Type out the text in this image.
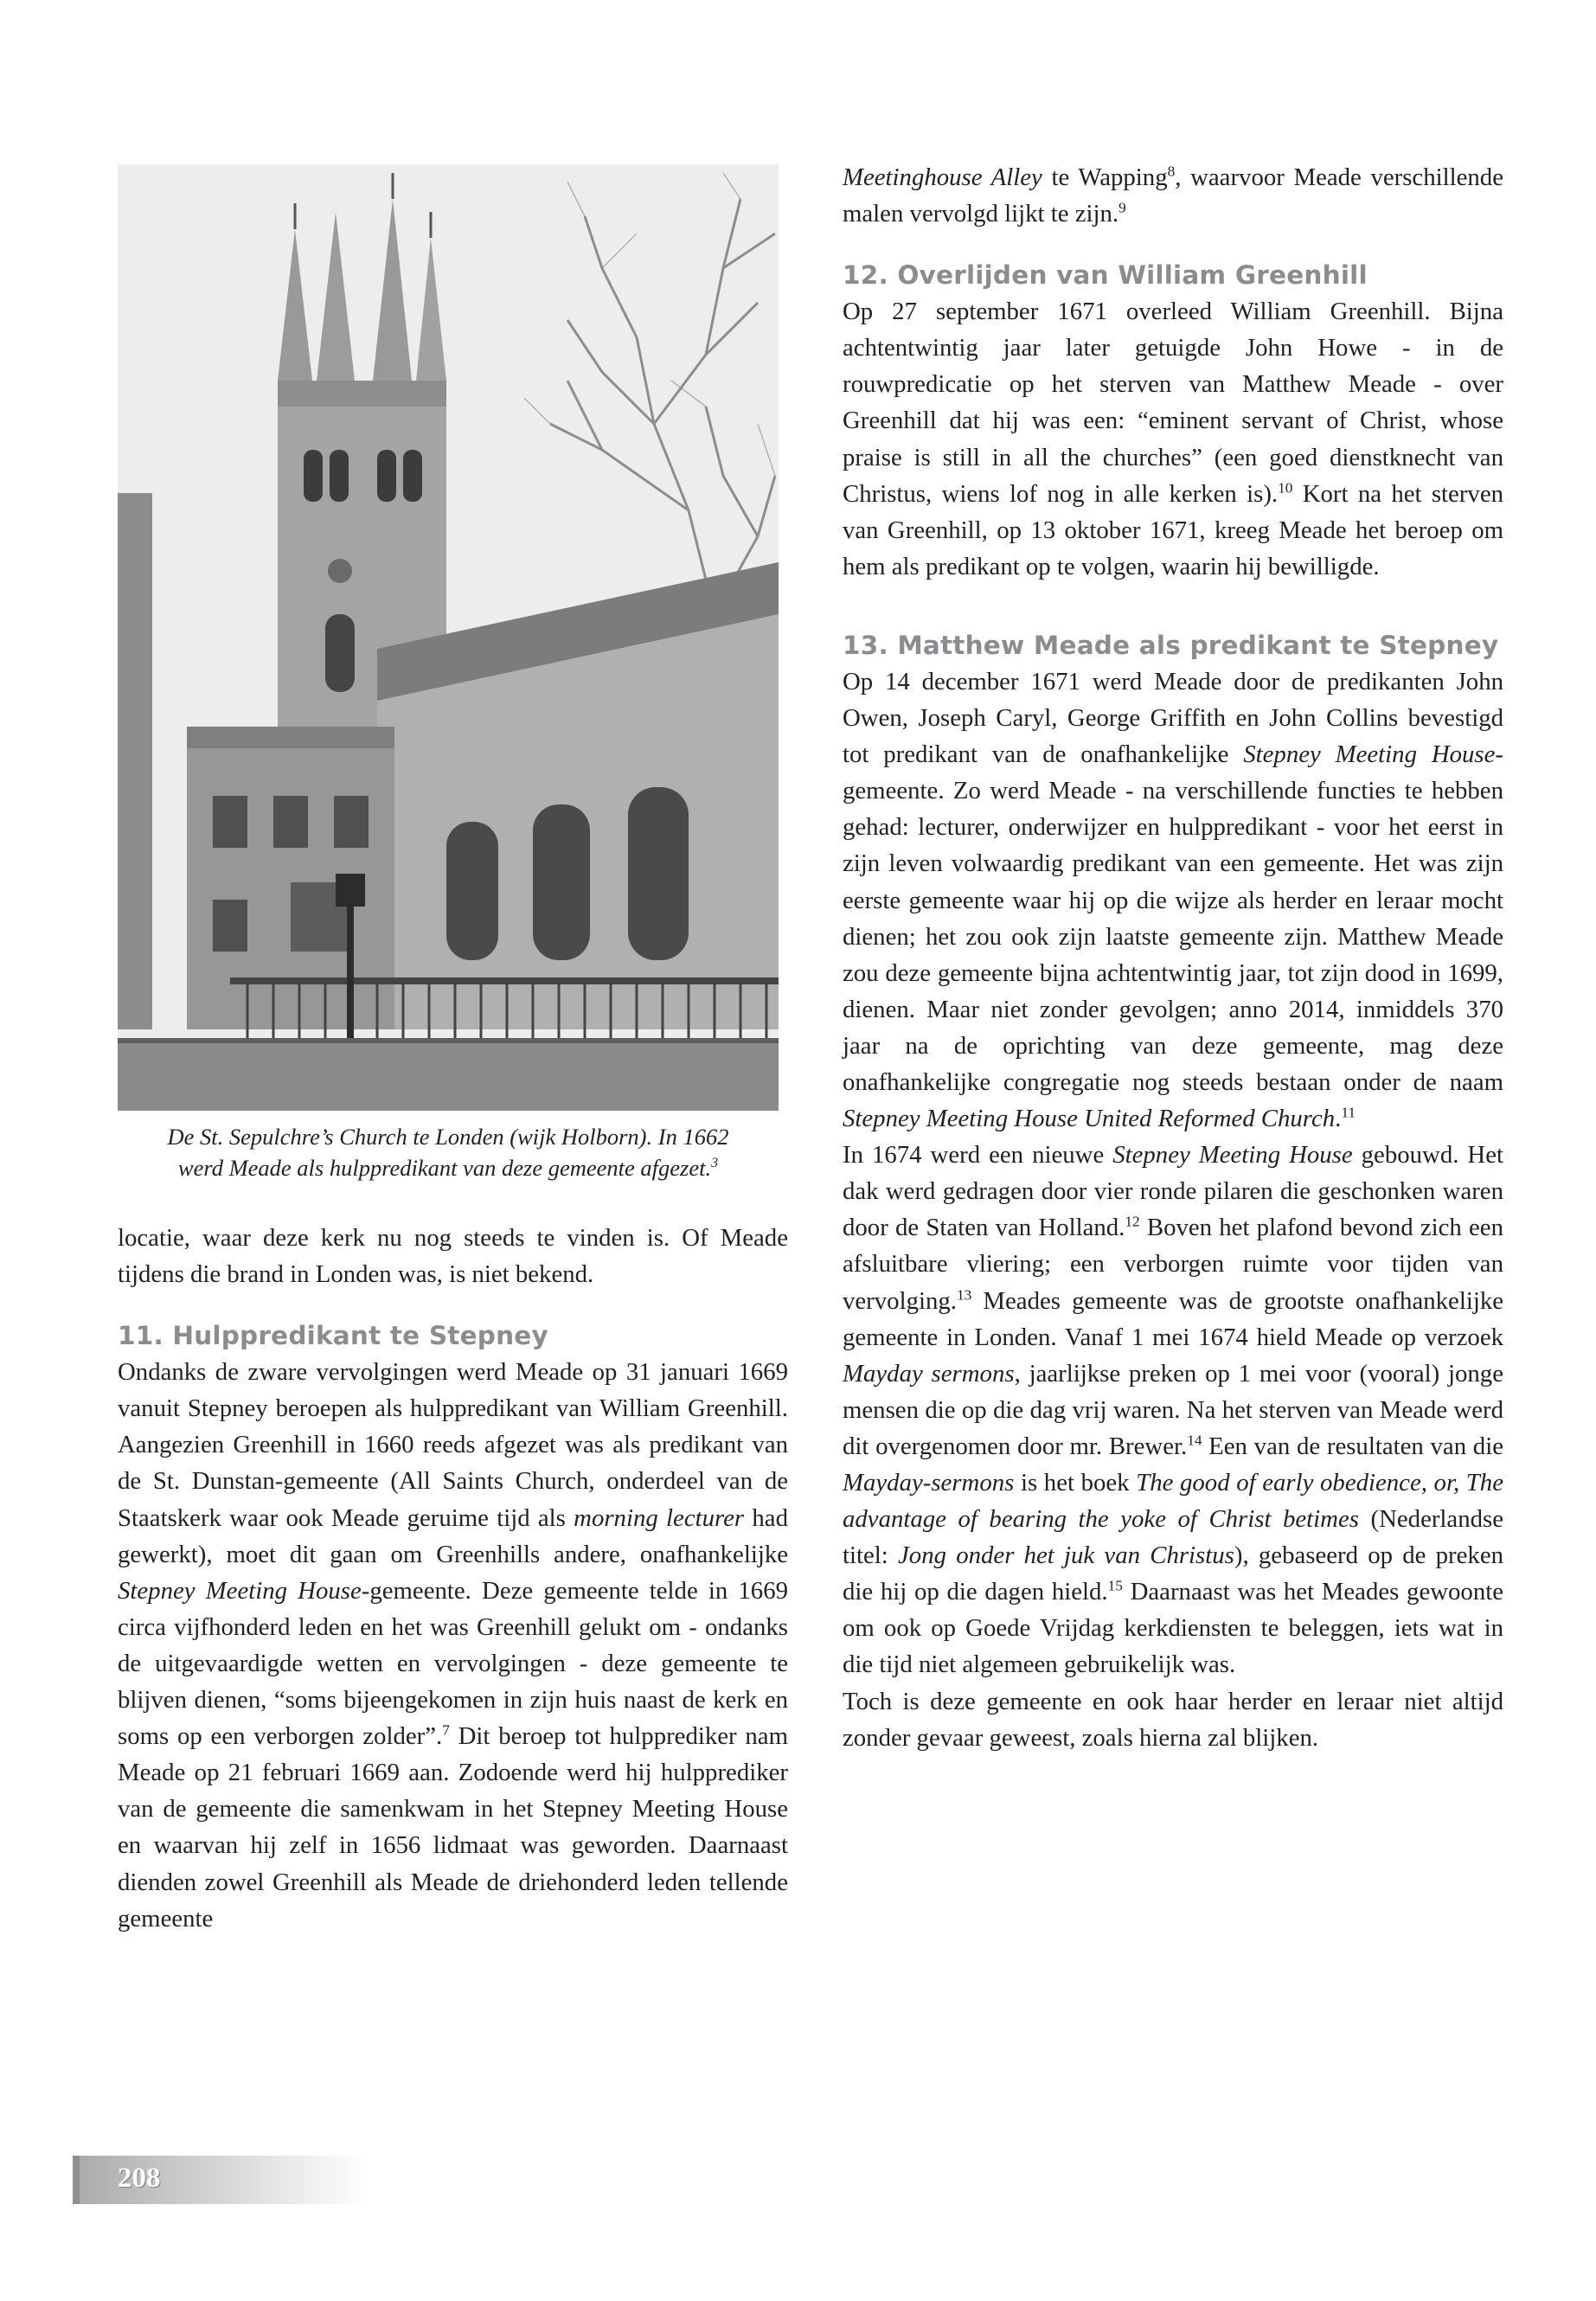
De St. Sepulchre’s Church te Londen (wijk Holborn). In 1662
werd Meade als hulppredikant van deze gemeente afgezet.$^3$

locatie, waar deze kerk nu nog steeds te vinden is. Of Meade tijdens die brand in Londen was, is niet bekend.

11. Hulppredikant te Stepney

Ondanks de zware vervolgingen werd Meade op 31 januari 1669 vanuit Stepney beroepen als hulppredikant van William Greenhill. Aangezien Greenhill in 1660 reeds afgezet was als predikant van de St. Dunstan-gemeente (All Saints Church, onderdeel van de Staatskerk waar ook Meade geruime tijd als morning lecturer had gewerkt), moet dit gaan om Greenhills andere, onafhankelijke Stepney Meeting House-gemeente. Deze gemeente telde in 1669 circa vijfhonderd leden en het was Greenhill gelukt om - ondanks de uitgevaardigde wetten en vervolgingen - deze gemeente te blijven dienen, “soms bijeengekomen in zijn huis naast de kerk en soms op een verborgen zolder”.$^7$ Dit beroep tot hulpprediker nam Meade op 21 februari 1669 aan. Zodoende werd hij hulpprediker van de gemeente die samenkwam in het Stepney Meeting House en waarvan hij zelf in 1656 lidmaat was geworden. Daarnaast dienden zowel Greenhill als Meade de driehonderd leden tellende gemeente

Meetinghouse Alley te Wapping$^8$, waarvoor Meade verschillende malen vervolgd lijkt te zijn.$^9$

12. Overlijden van William Greenhill

Op 27 september 1671 overleed William Greenhill. Bijna achtentwintig jaar later getuigde John Howe - in de rouwpredicatie op het sterven van Matthew Meade - over Greenhill dat hij was een: “eminent servant of Christ, whose praise is still in all the churches” (een goed dienstknecht van Christus, wiens lof nog in alle kerken is).$^{10}$ Kort na het sterven van Greenhill, op 13 oktober 1671, kreeg Meade het beroep om hem als predikant op te volgen, waarin hij bewilligde.

13. Matthew Meade als predikant te Stepney

Op 14 december 1671 werd Meade door de predikanten John Owen, Joseph Caryl, George Griffith en John Collins bevestigd tot predikant van de onafhankelijke Stepney Meeting House-gemeente. Zo werd Meade - na verschillende functies te hebben gehad: lecturer, onderwijzer en hulppredikant - voor het eerst in zijn leven volwaardig predikant van een gemeente. Het was zijn eerste gemeente waar hij op die wijze als herder en leraar mocht dienen; het zou ook zijn laatste gemeente zijn. Matthew Meade zou deze gemeente bijna achtentwintig jaar, tot zijn dood in 1699, dienen. Maar niet zonder gevolgen; anno 2014, inmiddels 370 jaar na de oprichting van deze gemeente, mag deze onafhankelijke congregatie nog steeds bestaan onder de naam Stepney Meeting House United Reformed Church.$^{11}$

In 1674 werd een nieuwe Stepney Meeting House gebouwd. Het dak werd gedragen door vier ronde pilaren die geschonken waren door de Staten van Holland.$^{12}$ Boven het plafond bevond zich een afsluitbare vliering; een verborgen ruimte voor tijden van vervolging.$^{13}$ Meades gemeente was de grootste onafhankelijke gemeente in Londen. Vanaf 1 mei 1674 hield Meade op verzoek Mayday sermons, jaarlijkse preken op 1 mei voor (vooral) jonge mensen die op die dag vrij waren. Na het sterven van Meade werd dit overgenomen door mr. Brewer.$^{14}$ Een van de resultaten van die Mayday-sermons is het boek The good of early obedience, or, The advantage of bearing the yoke of Christ betimes (Nederlandse titel: Jong onder het juk van Christus), gebaseerd op de preken die hij op die dagen hield.$^{15}$ Daarnaast was het Meades gewoonte om ook op Goede Vrijdag kerkdiensten te beleggen, iets wat in die tijd niet algemeen gebruikelijk was.

Toch is deze gemeente en ook haar herder en leraar niet altijd zonder gevaar geweest, zoals hierna zal blijken.

208
